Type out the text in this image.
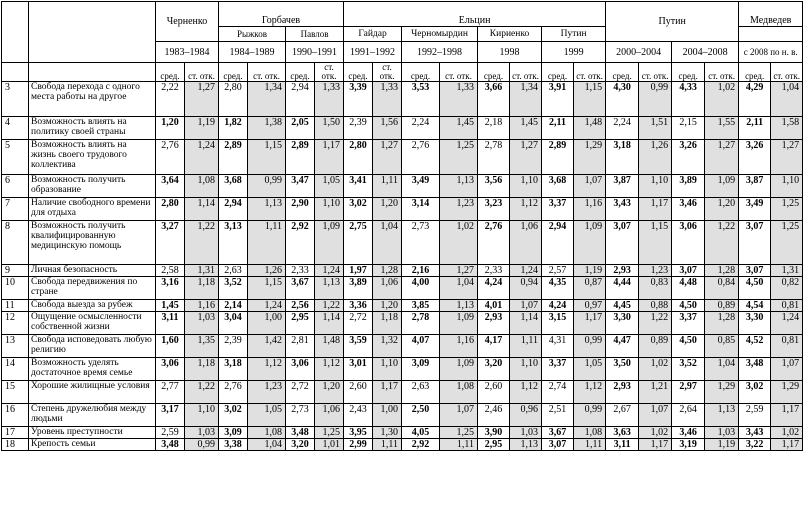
		Черненко		Горбачев				Ельцин								Путин				Медведев	
				Рыжков		Павлов		Гайдар		Черномырдин		Кириенко		Путин							
		1983–1984		1984–1989		1990–1991		1991–1992		1992–1998		1998		1999		2000–2004		2004–2008		с 2008 по н. в.	
		сред.	ст. отк.	сред.	ст. отк.	сред.	ст. отк.	сред.	ст. отк.	сред.	ст. отк.	сред.	ст. отк.	сред.	ст. отк.	сред.	ст. отк.	сред.	ст. отк.	сред.	ст. отк.
3	Свобода перехода с одного места работы на другое	2,22	1,27	2,80	1,34	2,94	1,33	3,39	1,33	3,53	1,33	3,66	1,34	3,91	1,15	4,30	0,99	4,33	1,02	4,29	1,04
4	Возможность влиять на политику своей страны	1,20	1,19	1,82	1,38	2,05	1,50	2,39	1,56	2,24	1,45	2,18	1,45	2,11	1,48	2,24	1,51	2,15	1,55	2,11	1,58
5	Возможность влиять на жизнь своего трудового коллектива	2,76	1,24	2,89	1,15	2,89	1,17	2,80	1,27	2,76	1,25	2,78	1,27	2,89	1,29	3,18	1,26	3,26	1,27	3,26	1,27
6	Возможность получить образование	3,64	1,08	3,68	0,99	3,47	1,05	3,41	1,11	3,49	1,13	3,56	1,10	3,68	1,07	3,87	1,10	3,89	1,09	3,87	1,10
7	Наличие свободного времени для отдыха	2,80	1,14	2,94	1,13	2,90	1,10	3,02	1,20	3,14	1,23	3,23	1,12	3,37	1,16	3,43	1,17	3,46	1,20	3,49	1,25
8	Возможность получить квалифицированную медицинскую помощь	3,27	1,22	3,13	1,11	2,92	1,09	2,75	1,04	2,73	1,02	2,76	1,06	2,94	1,09	3,07	1,15	3,06	1,22	3,07	1,25
9	Личная безопасность	2,58	1,31	2,63	1,26	2,33	1,24	1,97	1,28	2,16	1,27	2,33	1,24	2,57	1,19	2,93	1,23	3,07	1,28	3,07	1,31
10	Свобода передвижения по стране	3,16	1,18	3,52	1,15	3,67	1,13	3,89	1,06	4,00	1,04	4,24	0,94	4,35	0,87	4,44	0,83	4,48	0,84	4,50	0,82
11	Свобода выезда за рубеж	1,45	1,16	2,14	1,24	2,56	1,22	3,36	1,20	3,85	1,13	4,01	1,07	4,24	0,97	4,45	0,88	4,50	0,89	4,54	0,81
12	Ощущение осмысленности собственной жизни	3,11	1,03	3,04	1,00	2,95	1,14	2,72	1,18	2,78	1,09	2,93	1,14	3,15	1,17	3,30	1,22	3,37	1,28	3,30	1,24
13	Свобода исповедовать любую религию	1,60	1,35	2,39	1,42	2,81	1,48	3,59	1,32	4,07	1,16	4,17	1,11	4,31	0,99	4,47	0,89	4,50	0,85	4,52	0,81
14	Возможность уделять достаточное время семье	3,06	1,18	3,18	1,12	3,06	1,12	3,01	1,10	3,09	1,09	3,20	1,10	3,37	1,05	3,50	1,02	3,52	1,04	3,48	1,07
15	Хорошие жилищные условия	2,77	1,22	2,76	1,23	2,72	1,20	2,60	1,17	2,63	1,08	2,60	1,12	2,74	1,12	2,93	1,21	2,97	1,29	3,02	1,29
16	Степень дружелюбия между людьми	3,17	1,10	3,02	1,05	2,73	1,06	2,43	1,00	2,50	1,07	2,46	0,96	2,51	0,99	2,67	1,07	2,64	1,13	2,59	1,17
17	Уровень преступности	2,59	1,03	3,09	1,08	3,48	1,25	3,95	1,30	4,05	1,25	3,90	1,03	3,67	1,08	3,63	1,02	3,46	1,03	3,43	1,02
18	Крепость семьи	3,48	0,99	3,38	1,04	3,20	1,01	2,99	1,11	2,92	1,11	2,95	1,13	3,07	1,11	3,11	1,17	3,19	1,19	3,22	1,17
